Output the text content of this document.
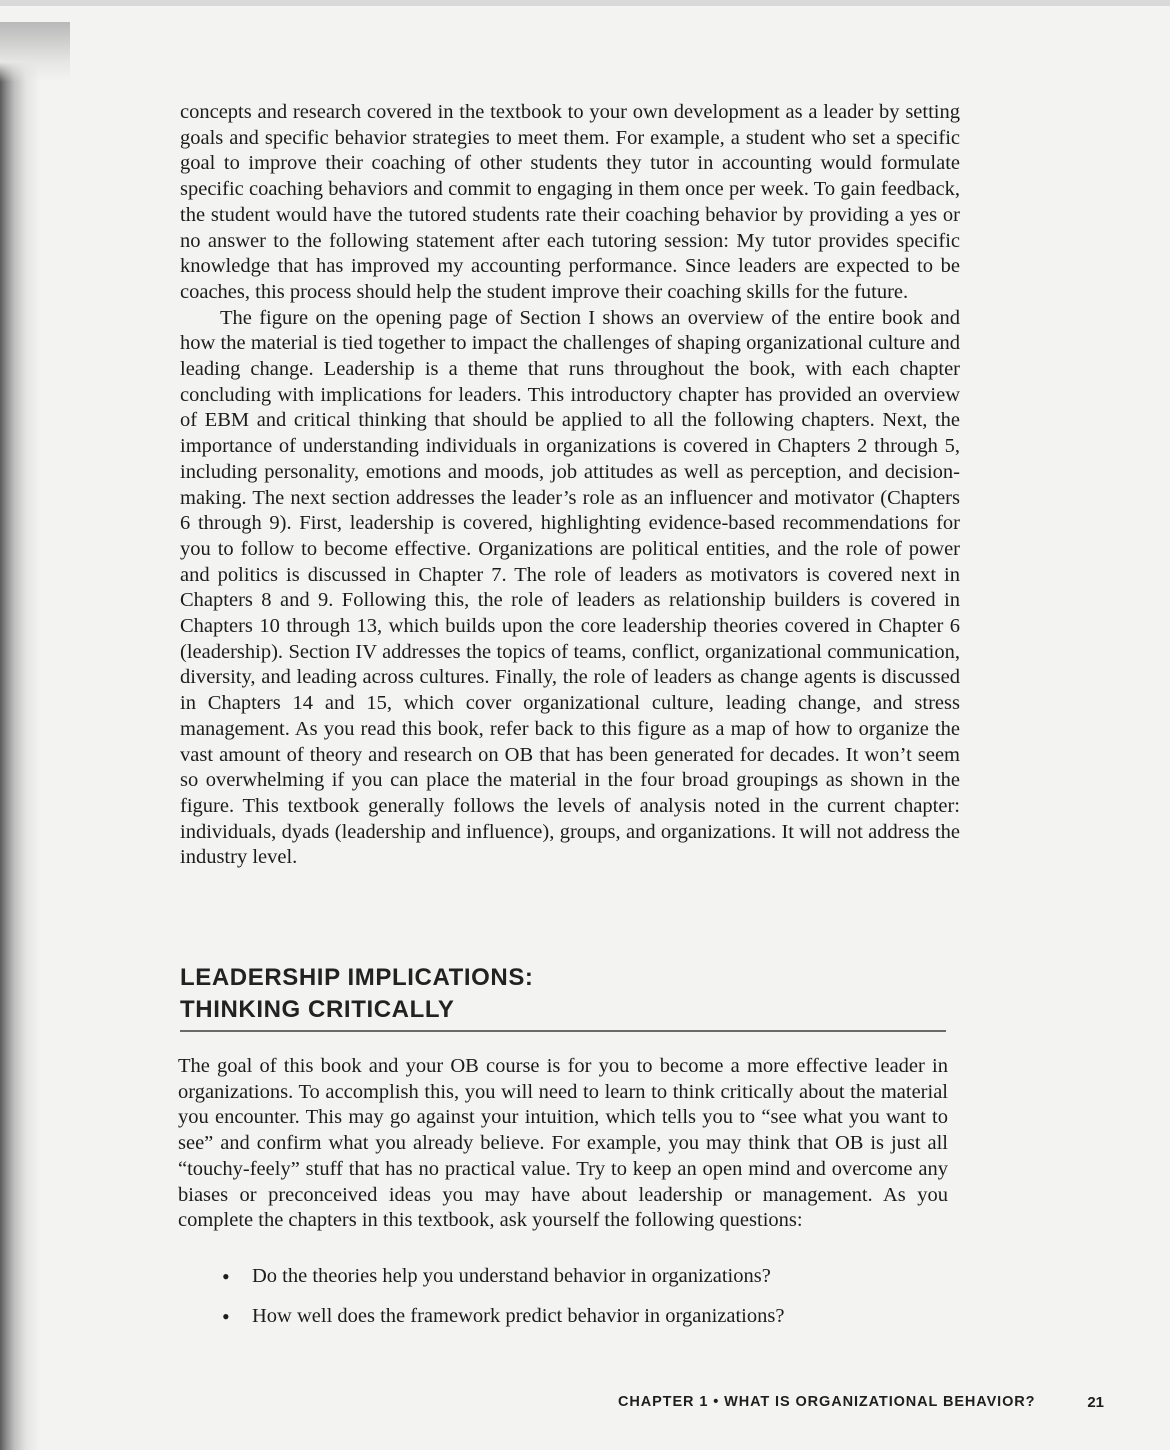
concepts and research covered in the textbook to your own development as a leader by setting goals and specific behavior strategies to meet them. For example, a student who set a specific goal to improve their coaching of other students they tutor in accounting would formulate specific coaching behaviors and commit to engaging in them once per week. To gain feedback, the student would have the tutored students rate their coaching behavior by providing a yes or no answer to the following statement after each tutoring session: My tutor provides specific knowledge that has improved my accounting performance. Since leaders are expected to be coaches, this process should help the student improve their coaching skills for the future.

The figure on the opening page of Section I shows an overview of the entire book and how the material is tied together to impact the challenges of shaping organizational culture and leading change. Leadership is a theme that runs throughout the book, with each chapter concluding with implications for leaders. This introductory chapter has provided an overview of EBM and critical thinking that should be applied to all the following chapters. Next, the importance of understanding individuals in organizations is covered in Chapters 2 through 5, including personality, emotions and moods, job attitudes as well as perception, and decision-making. The next section addresses the leader’s role as an influencer and motivator (Chapters 6 through 9). First, leadership is covered, highlighting evidence-based recommendations for you to follow to become effective. Organizations are political entities, and the role of power and politics is discussed in Chapter 7. The role of leaders as motivators is covered next in Chapters 8 and 9. Following this, the role of leaders as relationship builders is covered in Chapters 10 through 13, which builds upon the core leadership theories covered in Chapter 6 (leadership). Section IV addresses the topics of teams, conflict, organizational communication, diversity, and leading across cultures. Finally, the role of leaders as change agents is discussed in Chapters 14 and 15, which cover organizational culture, leading change, and stress management. As you read this book, refer back to this figure as a map of how to organize the vast amount of theory and research on OB that has been generated for decades. It won’t seem so overwhelming if you can place the material in the four broad groupings as shown in the figure. This textbook generally follows the levels of analysis noted in the current chapter: individuals, dyads (leadership and influence), groups, and organizations. It will not address the industry level.

LEADERSHIP IMPLICATIONS:
THINKING CRITICALLY

The goal of this book and your OB course is for you to become a more effective leader in organizations. To accomplish this, you will need to learn to think critically about the material you encounter. This may go against your intuition, which tells you to “see what you want to see” and confirm what you already believe. For example, you may think that OB is just all “touchy-feely” stuff that has no practical value. Try to keep an open mind and overcome any biases or preconceived ideas you may have about leadership or management. As you complete the chapters in this textbook, ask yourself the following questions:

• Do the theories help you understand behavior in organizations?
• How well does the framework predict behavior in organizations?
CHAPTER 1 • WHAT IS ORGANIZATIONAL BEHAVIOR?	21
